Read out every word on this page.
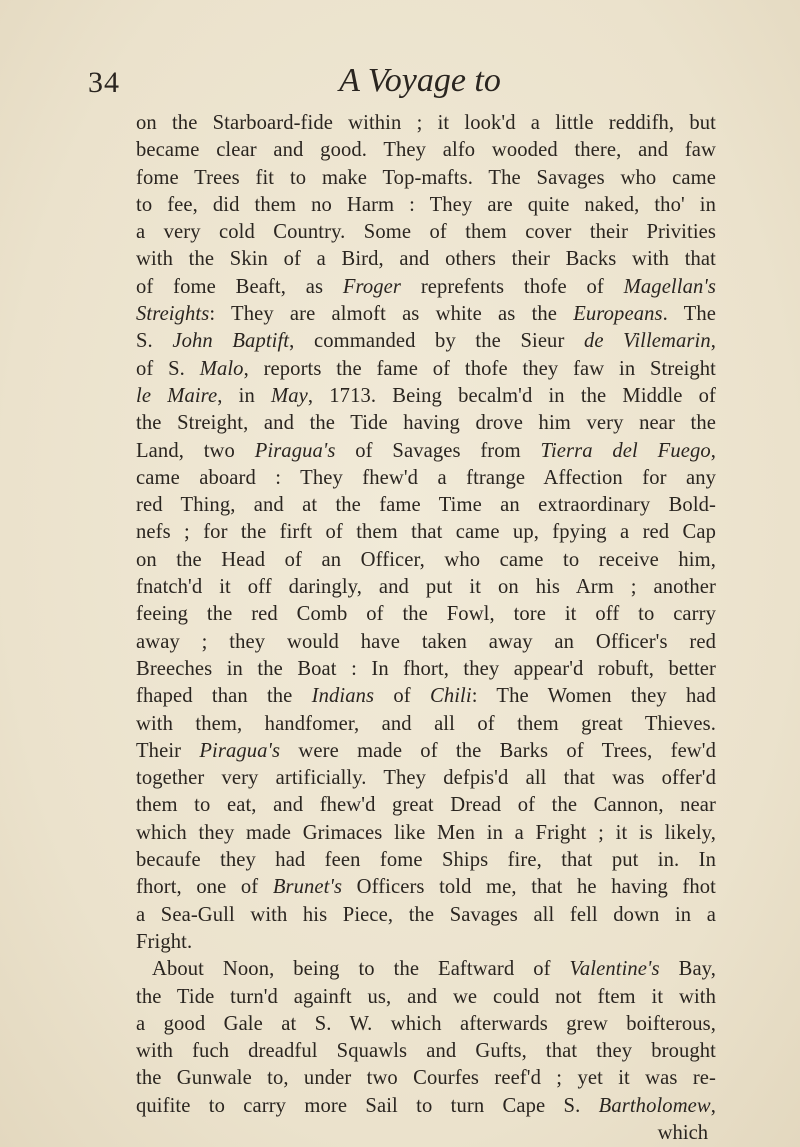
34	A Voyage to
on the Starboard-fide within ; it look'd a little reddifh, but
became clear and good. They alfo wooded there, and faw
fome Trees fit to make Top-mafts. The Savages who came
to fee, did them no Harm : They are quite naked, tho' in
a very cold Country. Some of them cover their Privities
with the Skin of a Bird, and others their Backs with that
of fome Beaft, as Froger reprefents thofe of Magellan's
Streights: They are almoft as white as the Europeans. The
S. John Baptift, commanded by the Sieur de Villemarin,
of S. Malo, reports the fame of thofe they faw in Streight
le Maire, in May, 1713. Being becalm'd in the Middle of
the Streight, and the Tide having drove him very near the
Land, two Piragua's of Savages from Tierra del Fuego,
came aboard : They fhew'd a ftrange Affection for any
red Thing, and at the fame Time an extraordinary Bold-
nefs ; for the firft of them that came up, fpying a red Cap
on the Head of an Officer, who came to receive him,
fnatch'd it off daringly, and put it on his Arm ; another
feeing the red Comb of the Fowl, tore it off to carry
away ; they would have taken away an Officer's red
Breeches in the Boat : In fhort, they appear'd robuft, better
fhaped than the Indians of Chili: The Women they had
with them, handfomer, and all of them great Thieves.
Their Piragua's were made of the Barks of Trees, few'd
together very artificially. They defpis'd all that was offer'd
them to eat, and fhew'd great Dread of the Cannon, near
which they made Grimaces like Men in a Fright ; it is likely,
becaufe they had feen fome Ships fire, that put in. In
fhort, one of Brunet's Officers told me, that he having fhot
a Sea-Gull with his Piece, the Savages all fell down in a
Fright.
About Noon, being to the Eaftward of Valentine's Bay,
the Tide turn'd againft us, and we could not ftem it with
a good Gale at S. W. which afterwards grew boifterous,
with fuch dreadful Squawls and Gufts, that they brought
the Gunwale to, under two Courfes reef'd ; yet it was re-
quifite to carry more Sail to turn Cape S. Bartholomew,
which
